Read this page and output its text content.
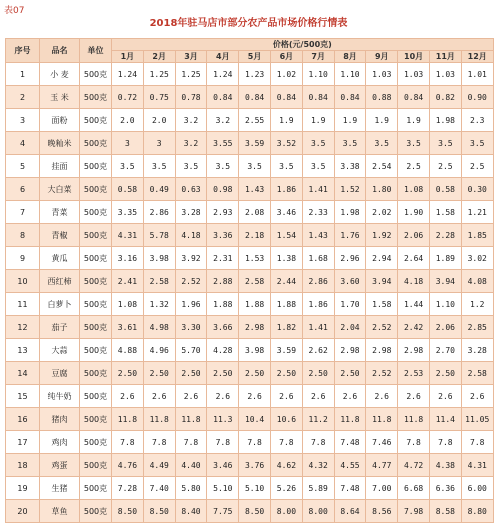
表07
2018年驻马店市部分农产品市场价格行情表
序号	品名	单位	价格(元/500克)											
			1月	2月	3月	4月	5月	6月	7月	8月	9月	10月	11月	12月
1	小 麦	500克	1.24	1.25	1.25	1.24	1.23	1.02	1.10	1.10	1.03	1.03	1.03	1.01
2	玉 米	500克	0.72	0.75	0.78	0.84	0.84	0.84	0.84	0.84	0.88	0.84	0.82	0.90
3	面粉	500克	2.0	2.0	3.2	3.2	2.55	1.9	1.9	1.9	1.9	1.9	1.98	2.3
4	晚籼米	500克	3	3	3.2	3.55	3.59	3.52	3.5	3.5	3.5	3.5	3.5	3.5
5	挂面	500克	3.5	3.5	3.5	3.5	3.5	3.5	3.5	3.38	2.54	2.5	2.5	2.5
6	大白菜	500克	0.58	0.49	0.63	0.98	1.43	1.86	1.41	1.52	1.80	1.08	0.58	0.30
7	青菜	500克	3.35	2.86	3.28	2.93	2.08	3.46	2.33	1.98	2.02	1.90	1.58	1.21
8	青椒	500克	4.31	5.78	4.18	3.36	2.18	1.54	1.43	1.76	1.92	2.06	2.28	1.85
9	黄瓜	500克	3.16	3.98	3.92	2.31	1.53	1.38	1.68	2.96	2.94	2.64	1.89	3.02
10	西红柿	500克	2.41	2.58	2.52	2.88	2.58	2.44	2.86	3.60	3.94	4.18	3.94	4.08
11	白萝卜	500克	1.08	1.32	1.96	1.88	1.88	1.88	1.86	1.70	1.58	1.44	1.10	1.2
12	茄子	500克	3.61	4.98	3.30	3.66	2.98	1.82	1.41	2.04	2.52	2.42	2.06	2.85
13	大蒜	500克	4.88	4.96	5.70	4.28	3.98	3.59	2.62	2.98	2.98	2.98	2.70	3.28
14	豆腐	500克	2.50	2.50	2.50	2.50	2.50	2.50	2.50	2.50	2.52	2.53	2.50	2.58
15	纯牛奶	500克	2.6	2.6	2.6	2.6	2.6	2.6	2.6	2.6	2.6	2.6	2.6	2.6
16	猪肉	500克	11.8	11.8	11.8	11.3	10.4	10.6	11.2	11.8	11.8	11.8	11.4	11.05
17	鸡肉	500克	7.8	7.8	7.8	7.8	7.8	7.8	7.8	7.48	7.46	7.8	7.8	7.8
18	鸡蛋	500克	4.76	4.49	4.40	3.46	3.76	4.62	4.32	4.55	4.77	4.72	4.38	4.31
19	生猪	500克	7.28	7.40	5.80	5.10	5.10	5.26	5.89	7.48	7.00	6.68	6.36	6.00
20	草鱼	500克	8.50	8.50	8.40	7.75	8.50	8.00	8.00	8.64	8.56	7.98	8.58	8.80
